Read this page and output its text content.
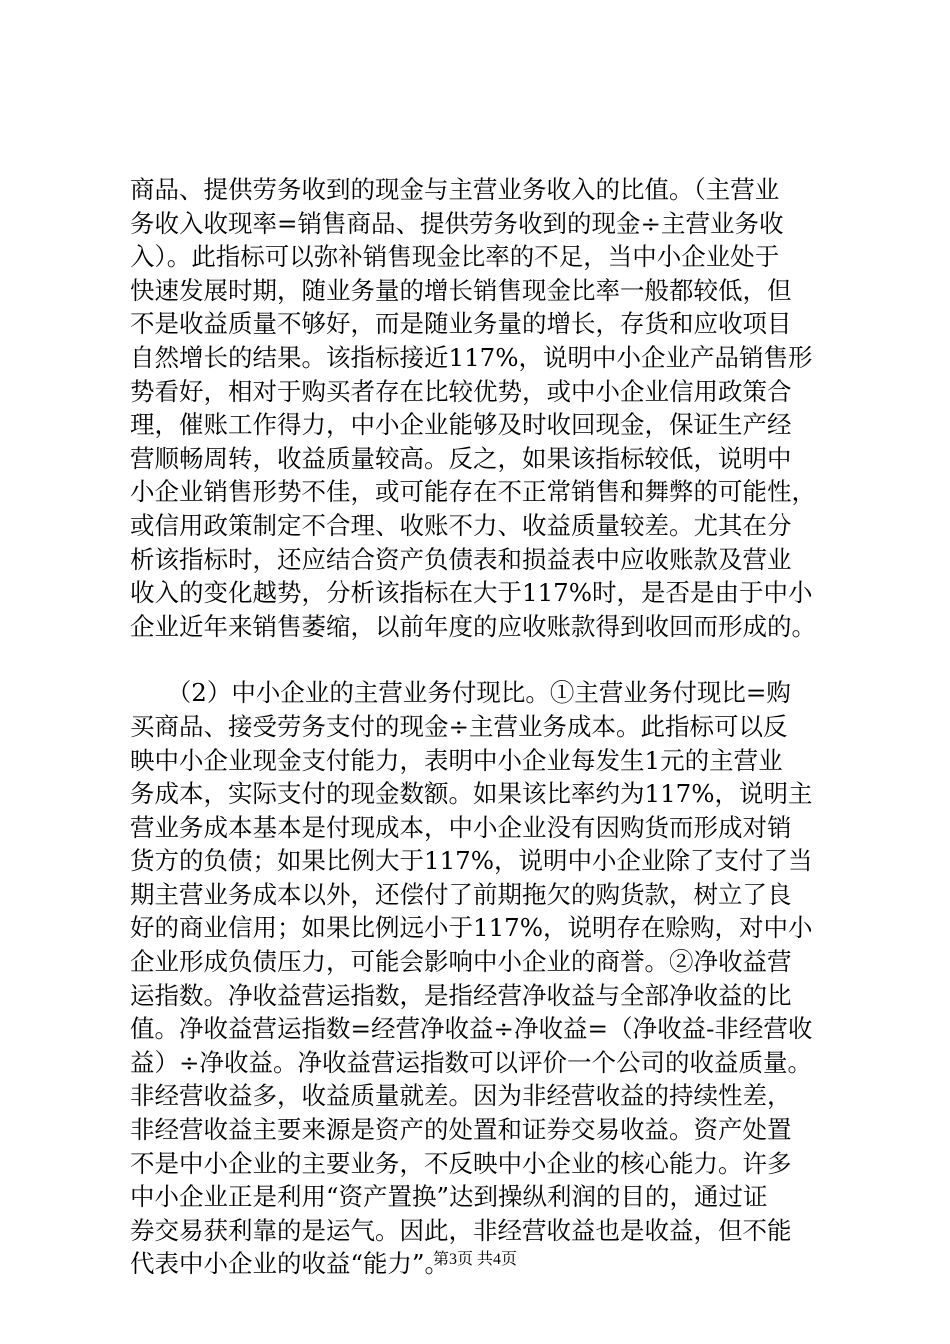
商品、提供劳务收到的现金与主营业务收入的比值。（主营业
务收入收现率=销售商品、提供劳务收到的现金÷主营业务收
入）。此指标可以弥补销售现金比率的不足，当中小企业处于
快速发展时期，随业务量的增长销售现金比率一般都较低，但
不是收益质量不够好，而是随业务量的增长，存货和应收项目
自然增长的结果。该指标接近117%，说明中小企业产品销售形
势看好，相对于购买者存在比较优势，或中小企业信用政策合
理，催账工作得力，中小企业能够及时收回现金，保证生产经
营顺畅周转，收益质量较高。反之，如果该指标较低，说明中
小企业销售形势不佳，或可能存在不正常销售和舞弊的可能性，
或信用政策制定不合理、收账不力、收益质量较差。尤其在分
析该指标时，还应结合资产负债表和损益表中应收账款及营业
收入的变化越势，分析该指标在大于117%时，是否是由于中小
企业近年来销售萎缩，以前年度的应收账款得到收回而形成的。
　　（2）中小企业的主营业务付现比。①主营业务付现比=购
买商品、接受劳务支付的现金÷主营业务成本。此指标可以反
映中小企业现金支付能力，表明中小企业每发生1元的主营业
务成本，实际支付的现金数额。如果该比率约为117%，说明主
营业务成本基本是付现成本，中小企业没有因购货而形成对销
货方的负债；如果比例大于117%，说明中小企业除了支付了当
期主营业务成本以外，还偿付了前期拖欠的购货款，树立了良
好的商业信用；如果比例远小于117%，说明存在赊购，对中小
企业形成负债压力，可能会影响中小企业的商誉。②净收益营
运指数。净收益营运指数，是指经营净收益与全部净收益的比
值。净收益营运指数=经营净收益÷净收益=（净收益-非经营收
益）÷净收益。净收益营运指数可以评价一个公司的收益质量。
非经营收益多，收益质量就差。因为非经营收益的持续性差，
非经营收益主要来源是资产的处置和证券交易收益。资产处置
不是中小企业的主要业务，不反映中小企业的核心能力。许多
中小企业正是利用“资产置换”达到操纵利润的目的，通过证
券交易获利靠的是运气。因此，非经营收益也是收益，但不能
代表中小企业的收益“能力”。
第3页 共4页
